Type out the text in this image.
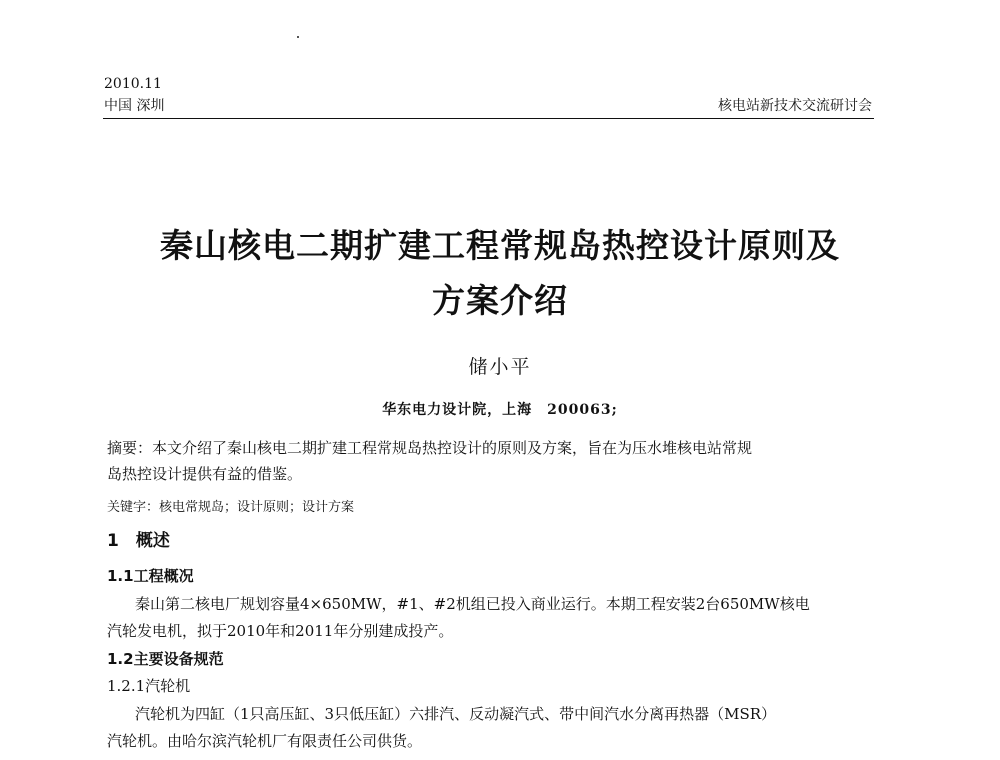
2010.11
中国 深圳	核电站新技术交流研讨会
秦山核电二期扩建工程常规岛热控设计原则及
方案介绍
储小平
华东电力设计院，上海　200063;
摘要：本文介绍了秦山核电二期扩建工程常规岛热控设计的原则及方案，旨在为压水堆核电站常规
岛热控设计提供有益的借鉴。
关键字：核电常规岛；设计原则；设计方案
1　概述
1.1工程概况
秦山第二核电厂规划容量4×650MW，#1、#2机组已投入商业运行。本期工程安装2台650MW核电
汽轮发电机，拟于2010年和2011年分别建成投产。
1.2主要设备规范
1.2.1汽轮机
汽轮机为四缸（1只高压缸、3只低压缸）六排汽、反动凝汽式、带中间汽水分离再热器（MSR）
汽轮机。由哈尔滨汽轮机厂有限责任公司供货。
